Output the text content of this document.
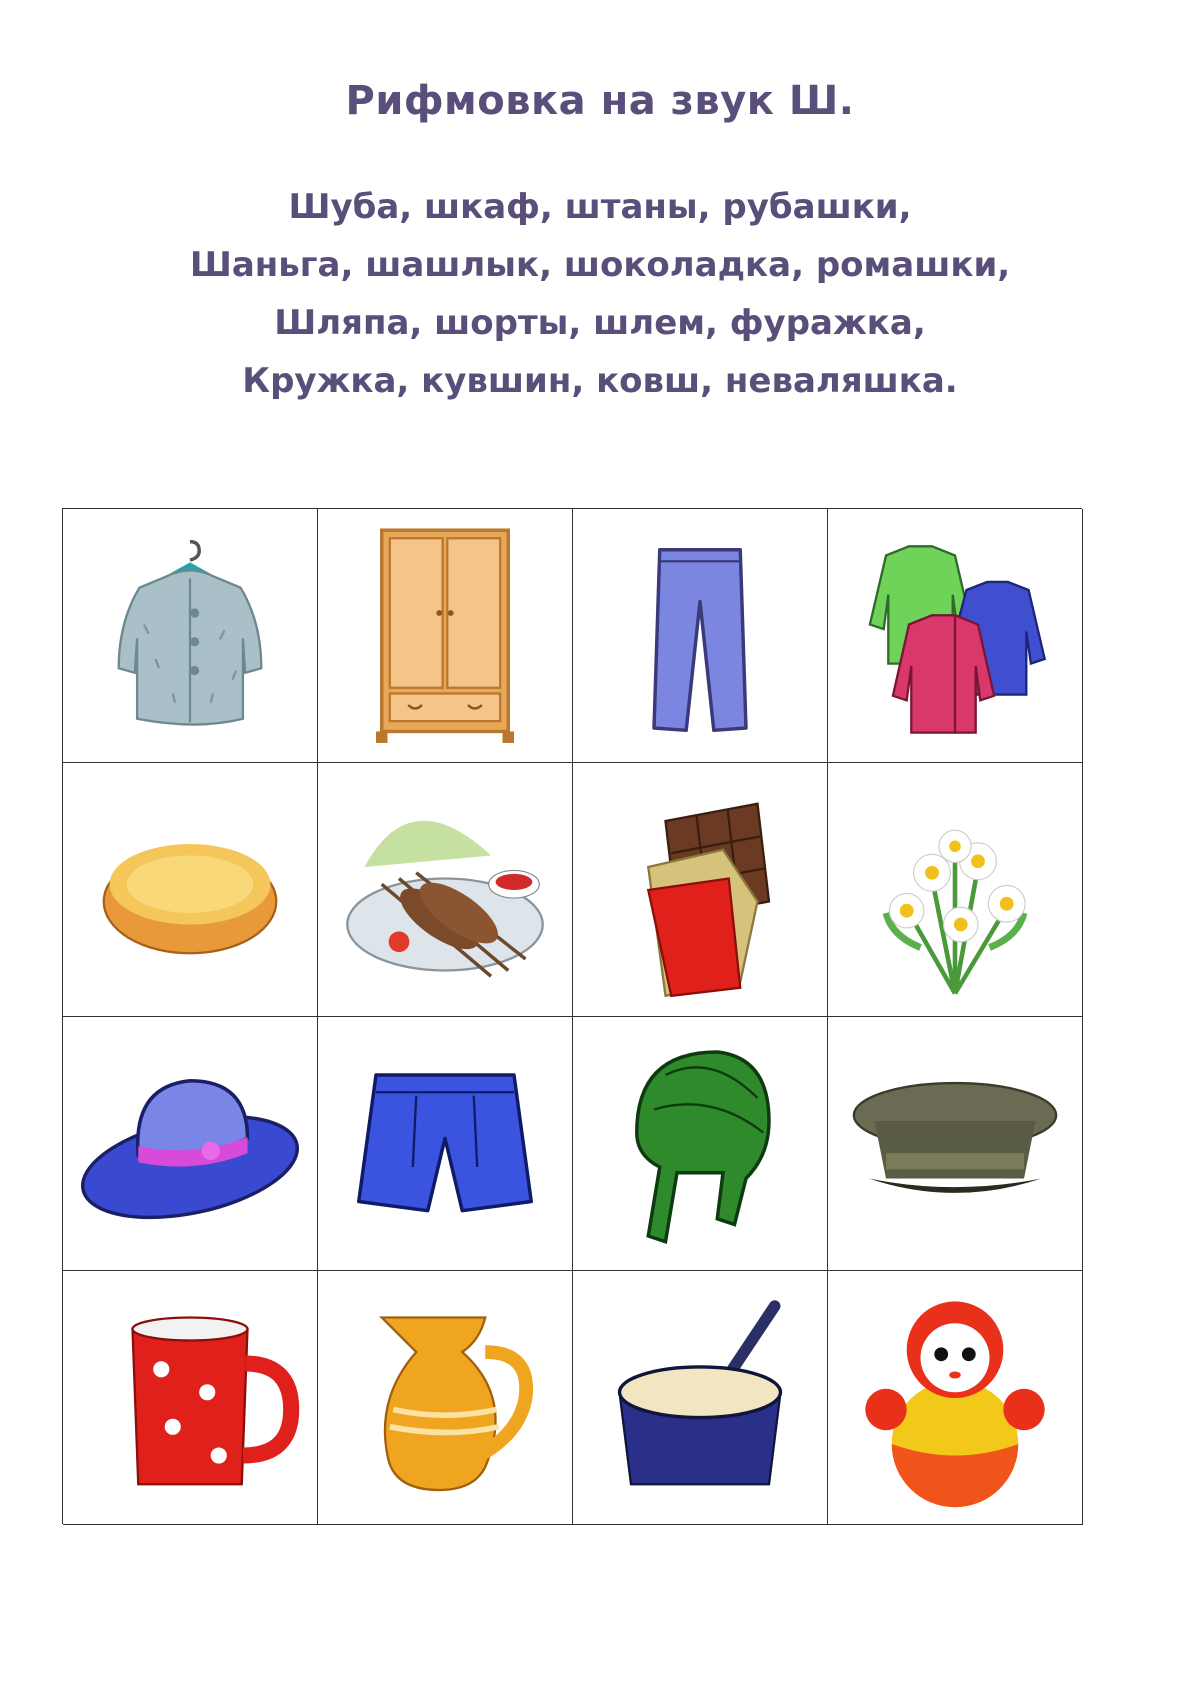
Рифмовка на звук Ш.
Шуба, шкаф, штаны, рубашки,
Шаньга, шашлык, шоколадка, ромашки,
Шляпа, шорты, шлем, фуражка,
Кружка, кувшин, ковш, неваляшка.
